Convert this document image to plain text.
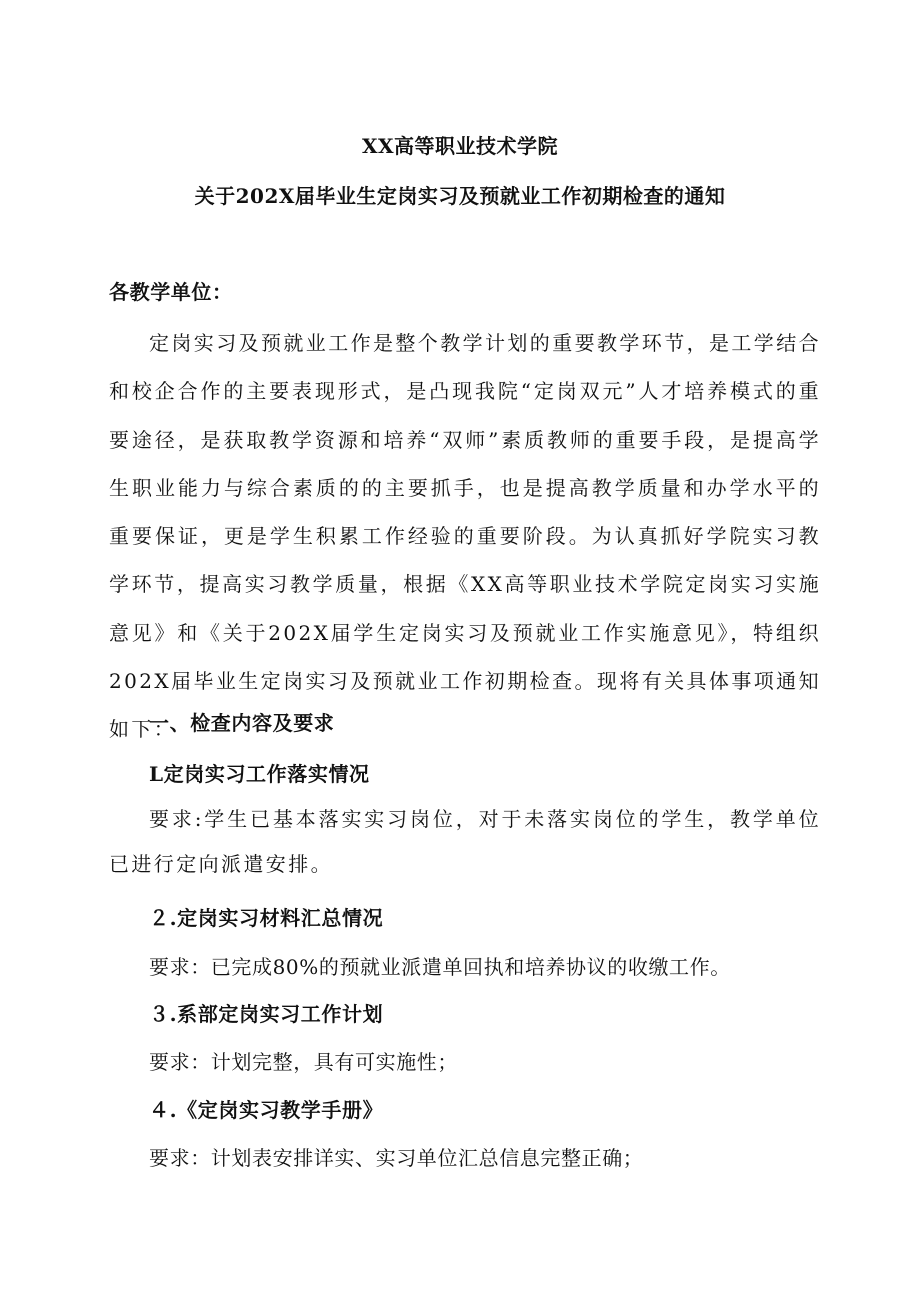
XX高等职业技术学院
关于202X届毕业生定岗实习及预就业工作初期检查的通知
各教学单位：
定岗实习及预就业工作是整个教学计划的重要教学环节，是工学结合和校企合作的主要表现形式，是凸现我院“定岗双元”人才培养模式的重要途径，是获取教学资源和培养“双师”素质教师的重要手段，是提高学生职业能力与综合素质的的主要抓手，也是提高教学质量和办学水平的重要保证，更是学生积累工作经验的重要阶段。为认真抓好学院实习教学环节，提高实习教学质量，根据《XX高等职业技术学院定岗实习实施意见》和《关于202X届学生定岗实习及预就业工作实施意见》，特组织202X届毕业生定岗实习及预就业工作初期检查。现将有关具体事项通知如下：
一、检查内容及要求
L定岗实习工作落实情况
要求:学生已基本落实实习岗位，对于未落实岗位的学生，教学单位已进行定向派遣安排。
２.定岗实习材料汇总情况
要求：已完成80%的预就业派遣单回执和培养协议的收缴工作。
３.系部定岗实习工作计划
要求：计划完整，具有可实施性；
４.《定岗实习教学手册》
要求：计划表安排详实、实习单位汇总信息完整正确；
